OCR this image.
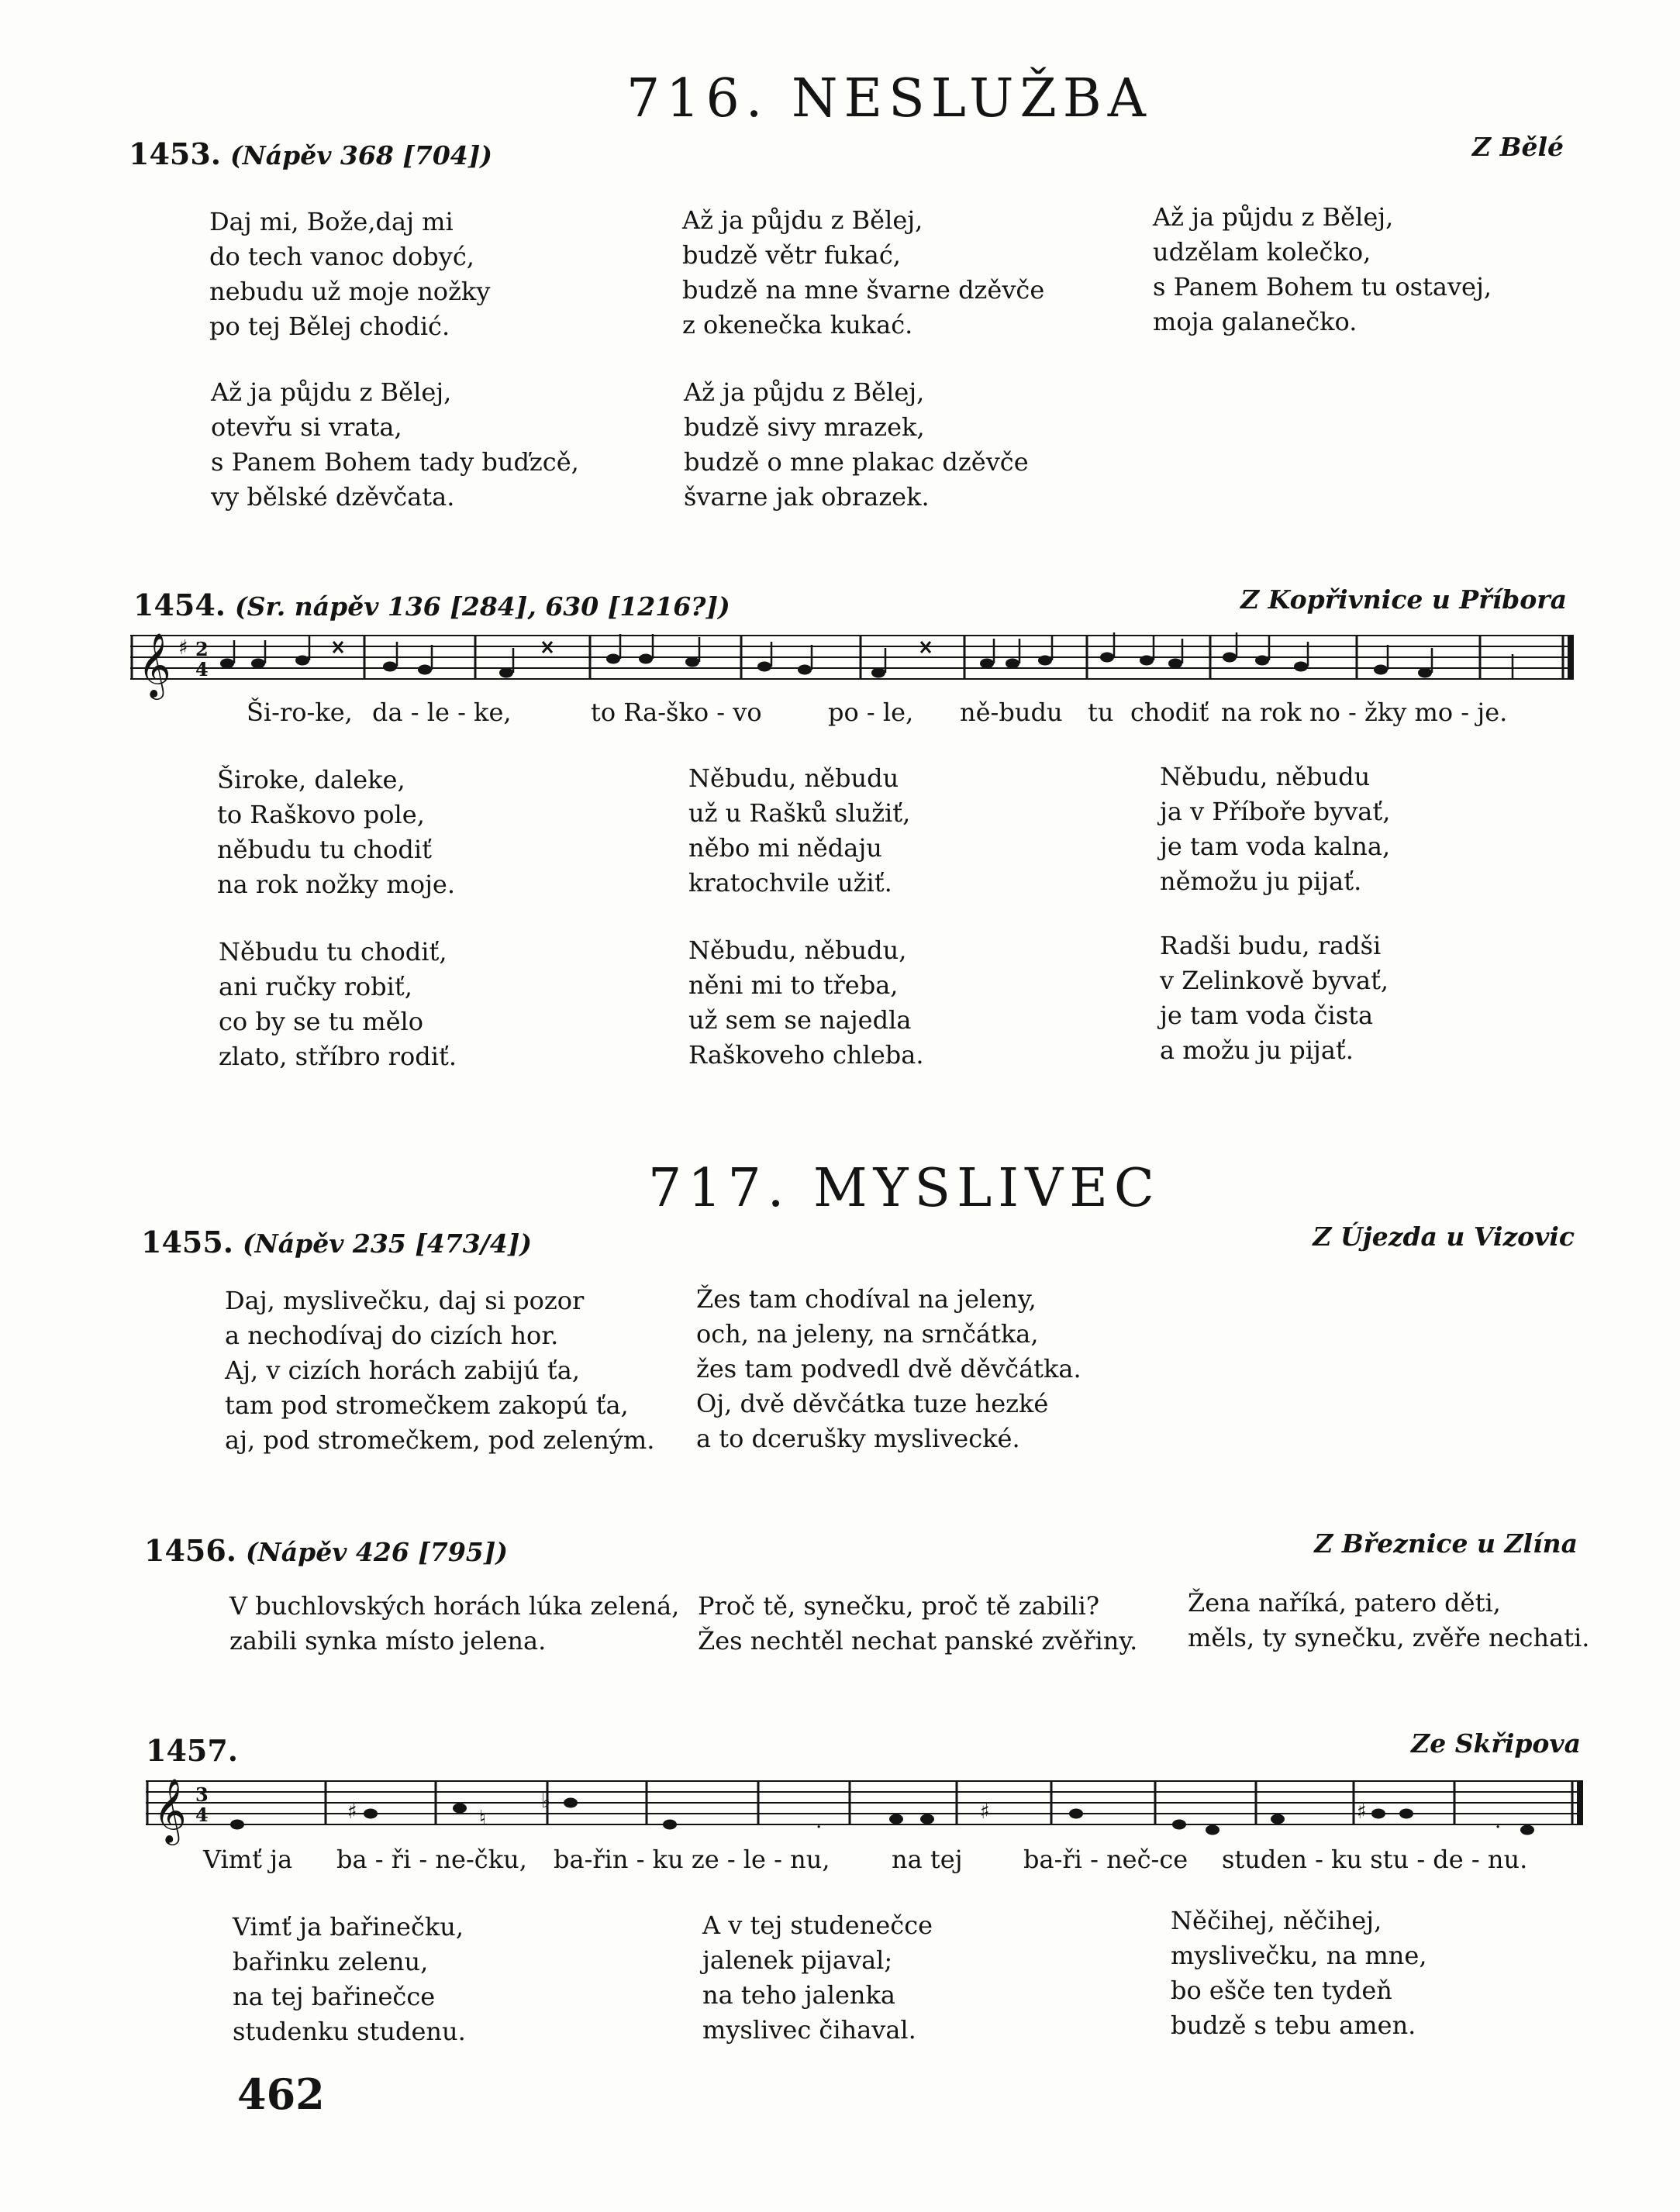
716. NESLUŽBA
1453. (Nápěv 368 [704])	Z Bělé
Daj mi, Bože,daj mi
do tech vanoc dobyć,
nebudu už moje nožky
po tej Bělej chodić.
Až ja půjdu z Bělej,
budzě větr fukać,
budzě na mne švarne dzěvče
z okenečka kukać.
Až ja půjdu z Bělej,
udzělam kolečko,
s Panem Bohem tu ostavej,
moja galanečko.
Až ja půjdu z Bělej,
otevřu si vrata,
s Panem Bohem tady buďzcě,
vy bělské dzěvčata.
Až ja půjdu z Bělej,
budzě sivy mrazek,
budzě o mne plakac dzěvče
švarne jak obrazek.
1454. (Sr. nápěv 136 [284], 630 [1216?])	Z Kopřivnice u Příbora
𝄞 ♯ 2
4
Ši-ro-ke, da - le - ke,	to Ra-ško - vo	po - le, ně-budu tu chodiť na rok no - žky mo - je.
Široke, daleke,
to Raškovo pole,
něbudu tu chodiť
na rok nožky moje.
Něbudu, něbudu
už u Rašků služiť,
něbo mi nědaju
kratochvile užiť.
Něbudu, něbudu
ja v Příboře byvať,
je tam voda kalna,
němožu ju pijať.
Něbudu tu chodiť,
ani ručky robiť,
co by se tu mělo
zlato, stříbro rodiť.
Něbudu, něbudu,
něni mi to třeba,
už sem se najedla
Raškoveho chleba.
Radši budu, radši
v Zelinkově byvať,
je tam voda čista
a možu ju pijať.
717. MYSLIVEC
1455. (Nápěv 235 [473/4])	Z Újezda u Vizovic
Daj, myslivečku, daj si pozor
a nechodívaj do cizích hor.
Aj, v cizích horách zabijú ťa,
tam pod stromečkem zakopú ťa,
aj, pod stromečkem, pod zeleným.
Žes tam chodíval na jeleny,
och, na jeleny, na srnčátka,
žes tam podvedl dvě děvčátka.
Oj, dvě děvčátka tuze hezké
a to dcerušky myslivecké.
1456. (Nápěv 426 [795])	Z Březnice u Zlína
V buchlovských horách lúka zelená,
zabili synka místo jelena.
Proč tě, synečku, proč tě zabili?
Žes nechtěl nechat panské zvěřiny.
Žena naříká, patero děti,
měls, ty synečku, zvěře nechati.
1457.	Ze Skřipova
𝄞 3
4	♯	♮
♭	♯	♯	.
.
Vimť ja ba - ři - ne-čku, ba-řin - ku ze - le - nu, na tej ba-ři - neč-ce studen - ku stu - de - nu.
Vimť ja bařinečku,
bařinku zelenu,
na tej bařinečce
studenku studenu.
A v tej studenečce
jalenek pijaval;
na teho jalenka
myslivec čihaval.
Něčihej, něčihej,
myslivečku, na mne,
bo ešče ten tydeň
budzě s tebu amen.
462
